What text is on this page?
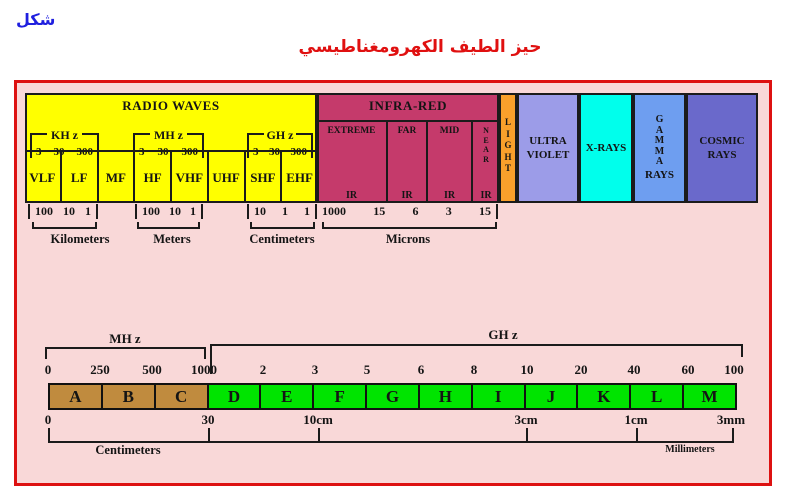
شكل
حيز الطيف الكهرومغناطيسي
RADIO WAVES
KH z
3 30 300
MH z
3 30 300
GH z
3 30 300
VLF	LF	MF	HF	VHF UHF SHF EHF
INFRA-RED
EXTREME
IR
FAR
IR
MID
IR
N
E
A
R
IR
L
I
G
H
T
ULTRA
VIOLET
X-RAYS
G
A
M
M
A
RAYS
COSMIC
RAYS
100 10 1	100 10 1	10 1 1 1000 15 6 3 15
Kilometers	Meters	Centimeters	Microns
MH z	GH z
A	B	C	D	E	F	G	H	I	J	K	L	M
Centimeters	Millimeters
0	250	500 1000	2	3	5	6	8	10	20	40	60 100
0	30	10cm	3cm	1cm	3mm
